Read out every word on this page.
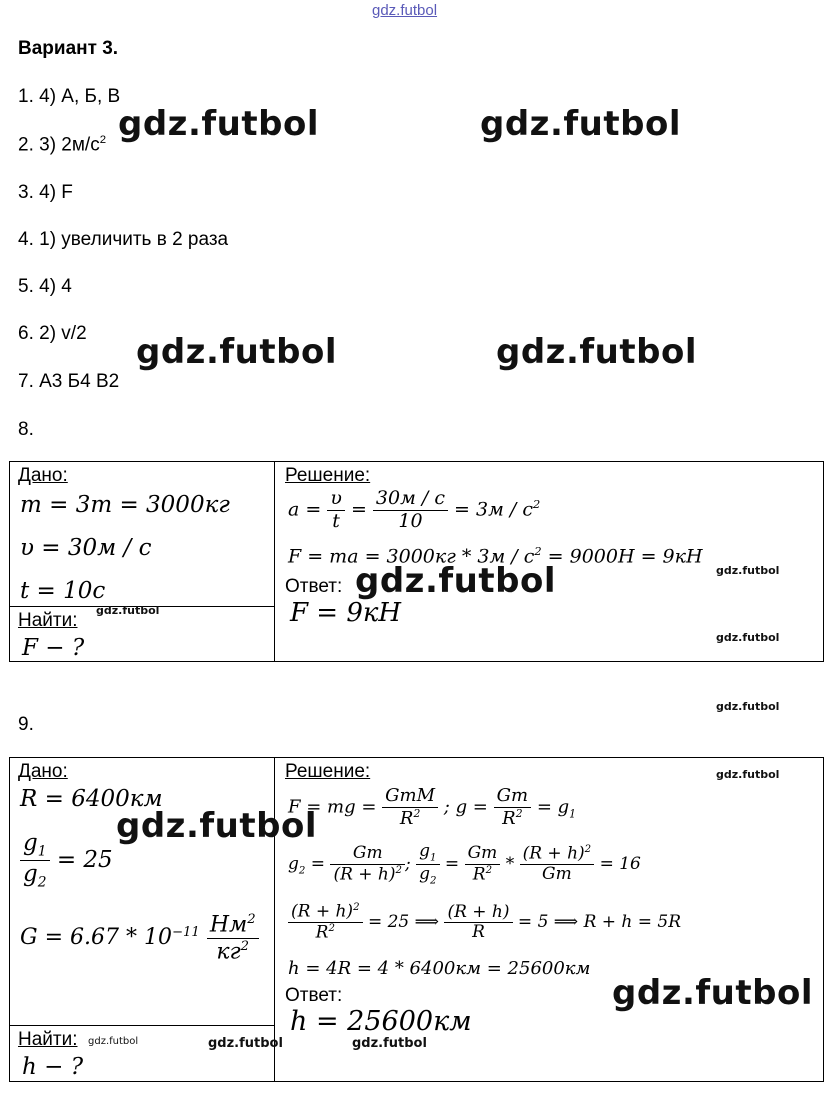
gdz.futbol
Вариант 3.
1. 4) А, Б, В
2. 3) $2м/с^2$
3. 4) F
4. 1) увеличить в 2 раза
5. 4) 4
6. 2) v/2
7. А3 Б4 В2
8.
Дано:
m = 3т = 3000кг
υ = 30м / с
t = 10с
Найти:
F − ?
Решение:
$a = \frac{\upsilon}{t} = \frac{30м / с}{10} = 3м / с^2$
F = ma = $3000кг * 3м / с^2 = 9000Н = 9кН$
Ответ:
F = 9кН
9.
Дано:
R = 6400км
$\frac{g_1}{g_2} = 25$
$G = 6.67 * 10^{-11} \frac{Нм^2}{кг^2}$
Найти:
h − ?
Решение:
F = mg = $\frac{\text{GmM}}{R^2}$ ; $g = \frac{Gm}{R^2} = g_1$
$g_2 = \frac{Gm}{(R + h)^2}$ ; $\frac{g_1}{g_2} = \frac{Gm}{R^2} * \frac{(R + h)^2}{Gm} = 16$
$\frac{(R + h)^2}{R^2} = 25$ ⟹ $\frac{(R + h)}{R} = 5$ ⟹ R + h = 5R
h = 4R = 4 * 6400км = 25600км
Ответ:
h = 25600км
gdz.futbol	gdz.futbol
gdz.futbol	gdz.futbol
gdz.futbol
gdz.futbol
gdz.futbol
gdz.futbol
gdz.futbol
gdz.futbol
gdz.futbol
gdz.futbol
gdz.futbol	gdz.futbol	gdz.futbol
